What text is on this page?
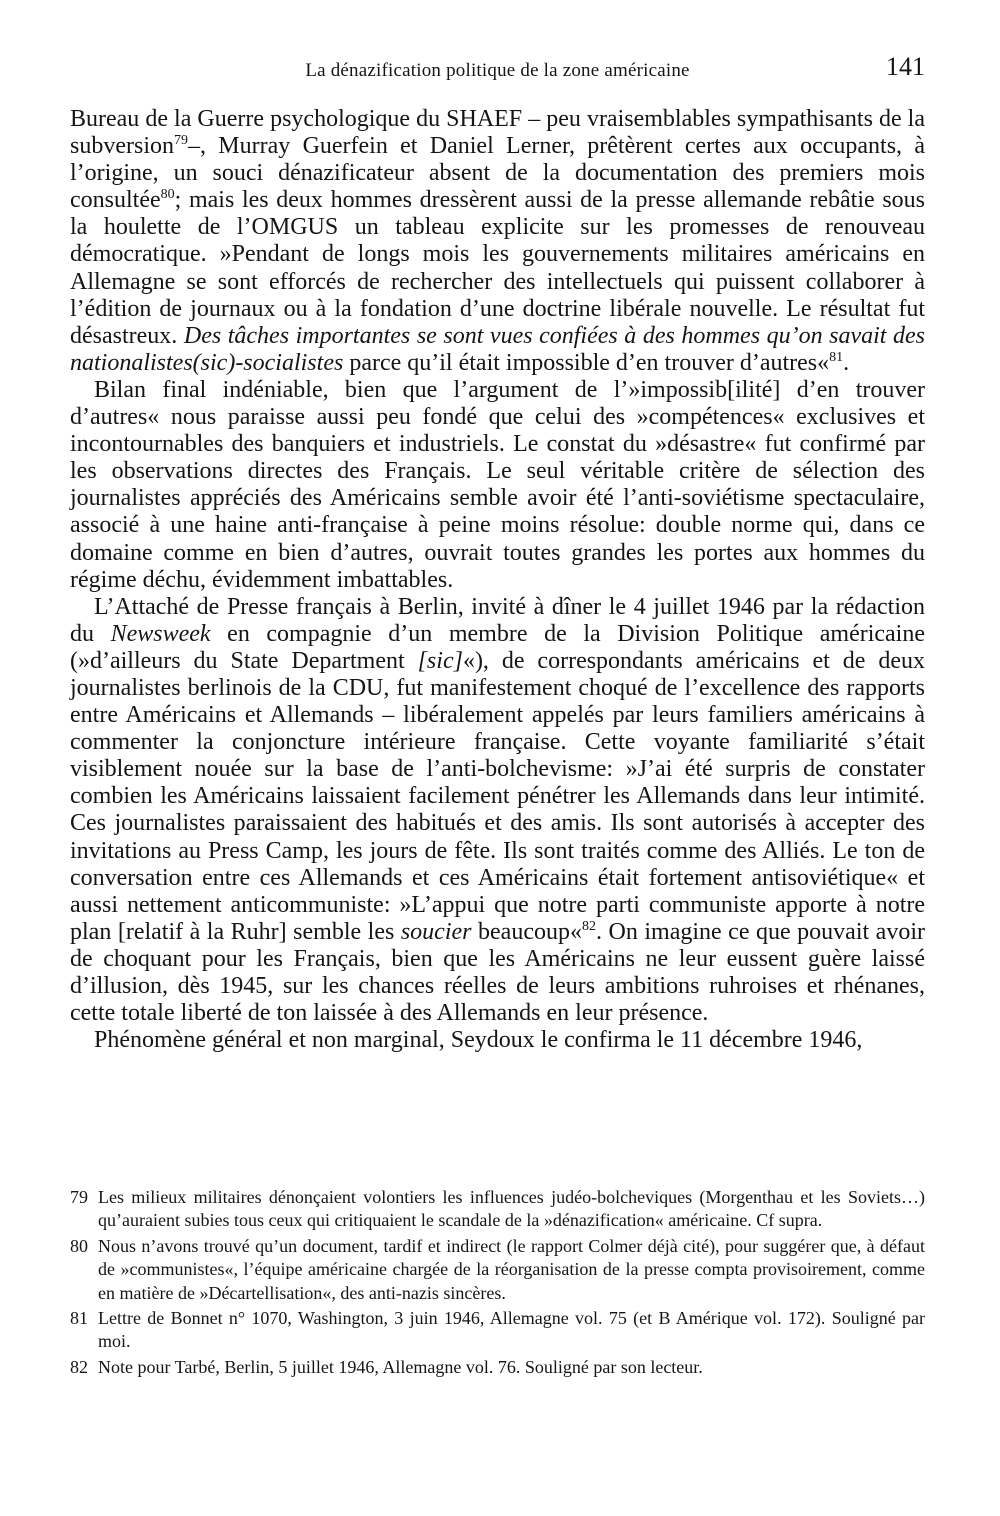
La dénazification politique de la zone américaine	141

Bureau de la Guerre psychologique du SHAEF – peu vraisemblables sympathisants de la subversion$^{79}$–, Murray Guerfein et Daniel Lerner, prêtèrent certes aux occupants, à l’origine, un souci dénazificateur absent de la documentation des premiers mois consultée$^{80}$; mais les deux hommes dressèrent aussi de la presse allemande rebâtie sous la houlette de l’OMGUS un tableau explicite sur les promesses de renouveau démocratique. »Pendant de longs mois les gouvernements militaires américains en Allemagne se sont efforcés de rechercher des intellectuels qui puissent collaborer à l’édition de journaux ou à la fondation d’une doctrine libérale nouvelle. Le résultat fut désastreux. Des tâches importantes se sont vues confiées à des hommes qu’on savait des nationalistes(sic)-socialistes parce qu’il était impossible d’en trouver d’autres«$^{81}$.

Bilan final indéniable, bien que l’argument de l’»impossib[ilité] d’en trouver d’autres« nous paraisse aussi peu fondé que celui des »compétences« exclusives et incontournables des banquiers et industriels. Le constat du »désastre« fut confirmé par les observations directes des Français. Le seul véritable critère de sélection des journalistes appréciés des Américains semble avoir été l’anti-soviétisme spectaculaire, associé à une haine anti-française à peine moins résolue: double norme qui, dans ce domaine comme en bien d’autres, ouvrait toutes grandes les portes aux hommes du régime déchu, évidemment imbattables.

L’Attaché de Presse français à Berlin, invité à dîner le 4 juillet 1946 par la rédaction du Newsweek en compagnie d’un membre de la Division Politique américaine (»d’ailleurs du State Department [sic]«), de correspondants américains et de deux journalistes berlinois de la CDU, fut manifestement choqué de l’excellence des rapports entre Américains et Allemands – libéralement appelés par leurs familiers américains à commenter la conjoncture intérieure française. Cette voyante familiarité s’était visiblement nouée sur la base de l’anti-bolchevisme: »J’ai été surpris de constater combien les Américains laissaient facilement pénétrer les Allemands dans leur intimité. Ces journalistes paraissaient des habitués et des amis. Ils sont autorisés à accepter des invitations au Press Camp, les jours de fête. Ils sont traités comme des Alliés. Le ton de conversation entre ces Allemands et ces Américains était fortement antisoviétique« et aussi nettement anticommuniste: »L’appui que notre parti communiste apporte à notre plan [relatif à la Ruhr] semble les soucier beaucoup«$^{82}$. On imagine ce que pouvait avoir de choquant pour les Français, bien que les Américains ne leur eussent guère laissé d’illusion, dès 1945, sur les chances réelles de leurs ambitions ruhroises et rhénanes, cette totale liberté de ton laissée à des Allemands en leur présence.

Phénomène général et non marginal, Seydoux le confirma le 11 décembre 1946,

79 Les milieux militaires dénonçaient volontiers les influences judéo-bolcheviques (Morgenthau et les Soviets…) qu’auraient subies tous ceux qui critiquaient le scandale de la »dénazification« américaine. Cf supra.
80 Nous n’avons trouvé qu’un document, tardif et indirect (le rapport Colmer déjà cité), pour suggérer que, à défaut de »communistes«, l’équipe américaine chargée de la réorganisation de la presse compta provisoirement, comme en matière de »Décartellisation«, des anti-nazis sincères.
81 Lettre de Bonnet n° 1070, Washington, 3 juin 1946, Allemagne vol. 75 (et B Amérique vol. 172). Souligné par moi.
82 Note pour Tarbé, Berlin, 5 juillet 1946, Allemagne vol. 76. Souligné par son lecteur.
